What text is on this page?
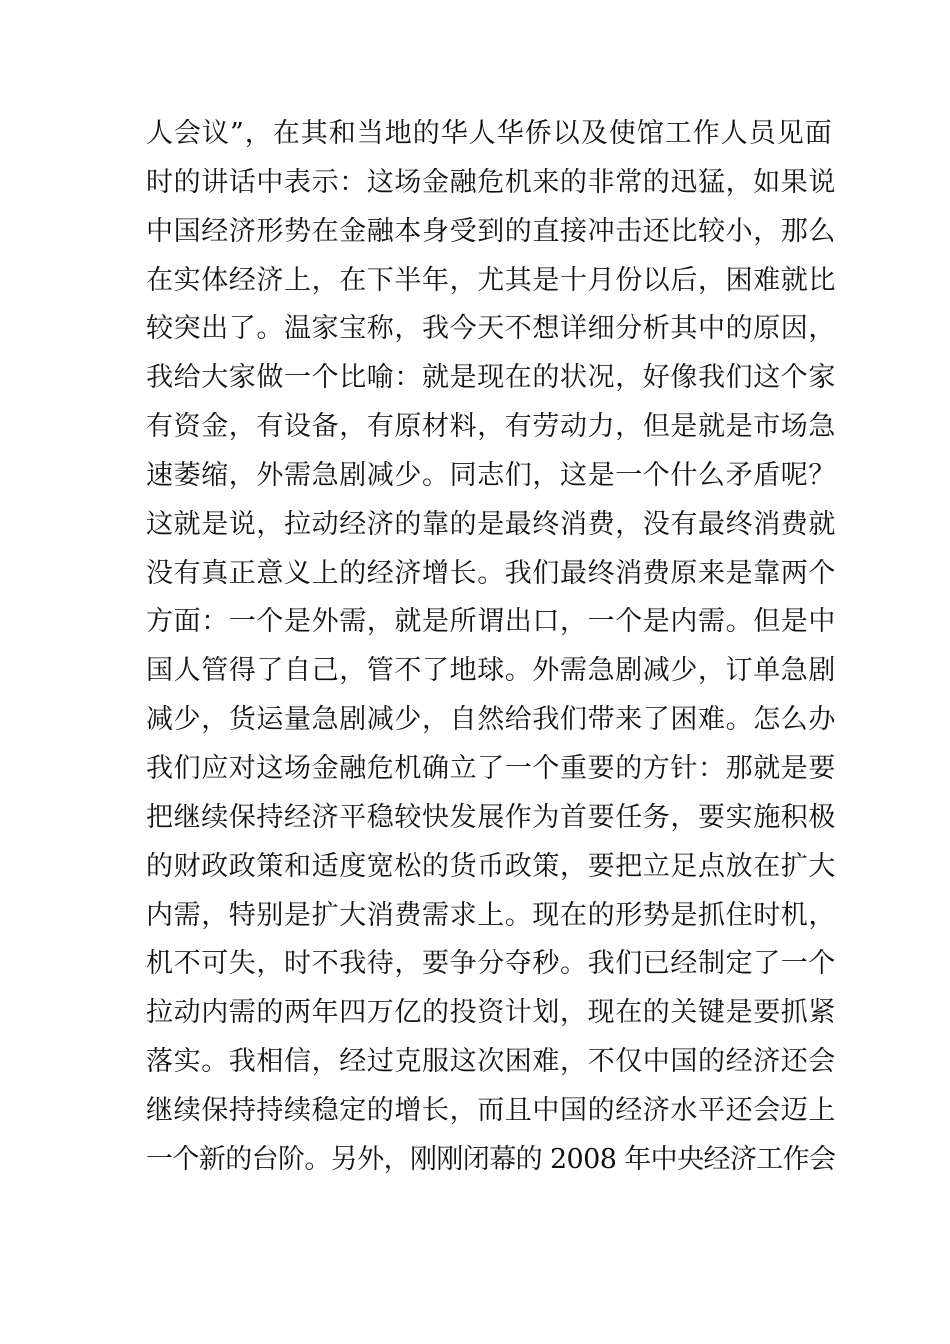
人会议”，在其和当地的华人华侨以及使馆工作人员见面
时的讲话中表示：这场金融危机来的非常的迅猛，如果说
中国经济形势在金融本身受到的直接冲击还比较小，那么
在实体经济上，在下半年，尤其是十月份以后，困难就比
较突出了。温家宝称，我今天不想详细分析其中的原因，
我给大家做一个比喻：就是现在的状况，好像我们这个家
有资金，有设备，有原材料，有劳动力，但是就是市场急
速萎缩，外需急剧减少。同志们，这是一个什么矛盾呢？
这就是说，拉动经济的靠的是最终消费，没有最终消费就
没有真正意义上的经济增长。我们最终消费原来是靠两个
方面：一个是外需，就是所谓出口，一个是内需。但是中
国人管得了自己，管不了地球。外需急剧减少，订单急剧
减少，货运量急剧减少，自然给我们带来了困难。怎么办
我们应对这场金融危机确立了一个重要的方针：那就是要
把继续保持经济平稳较快发展作为首要任务，要实施积极
的财政政策和适度宽松的货币政策，要把立足点放在扩大
内需，特别是扩大消费需求上。现在的形势是抓住时机，
机不可失，时不我待，要争分夺秒。我们已经制定了一个
拉动内需的两年四万亿的投资计划，现在的关键是要抓紧
落实。我相信，经过克服这次困难，不仅中国的经济还会
继续保持持续稳定的增长，而且中国的经济水平还会迈上
一个新的台阶。另外，刚刚闭幕的 2008 年中央经济工作会
